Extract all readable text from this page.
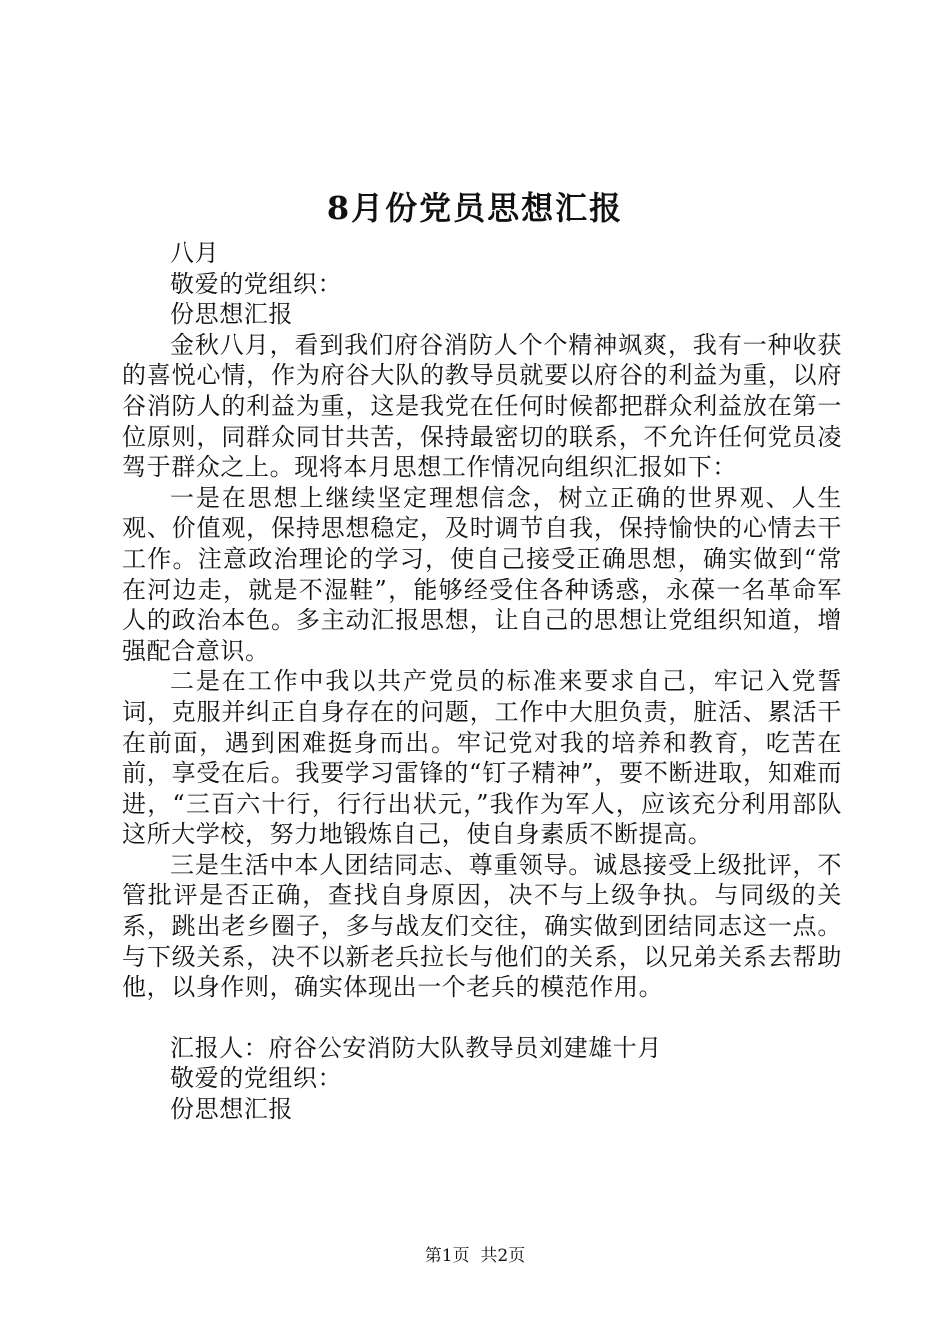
8月份党员思想汇报

八月

敬爱的党组织：

份思想汇报

金秋八月，看到我们府谷消防人个个精神飒爽，我有一种收获的喜悦心情，作为府谷大队的教导员就要以府谷的利益为重，以府谷消防人的利益为重，这是我党在任何时候都把群众利益放在第一位原则，同群众同甘共苦，保持最密切的联系，不允许任何党员凌驾于群众之上。现将本月思想工作情况向组织汇报如下：

一是在思想上继续坚定理想信念，树立正确的世界观、人生观、价值观，保持思想稳定，及时调节自我，保持愉快的心情去干工作。注意政治理论的学习，使自己接受正确思想，确实做到“常在河边走，就是不湿鞋”，能够经受住各种诱惑，永葆一名革命军人的政治本色。多主动汇报思想，让自己的思想让党组织知道，增强配合意识。

二是在工作中我以共产党员的标准来要求自己，牢记入党誓词，克服并纠正自身存在的问题，工作中大胆负责，脏活、累活干在前面，遇到困难挺身而出。牢记党对我的培养和教育，吃苦在前，享受在后。我要学习雷锋的“钉子精神”，要不断进取，知难而进，“三百六十行，行行出状元，”我作为军人，应该充分利用部队这所大学校，努力地锻炼自己，使自身素质不断提高。

三是生活中本人团结同志、尊重领导。诚恳接受上级批评，不管批评是否正确，查找自身原因，决不与上级争执。与同级的关系，跳出老乡圈子，多与战友们交往，确实做到团结同志这一点。与下级关系，决不以新老兵拉长与他们的关系，以兄弟关系去帮助他，以身作则，确实体现出一个老兵的模范作用。

汇报人：府谷公安消防大队教导员刘建雄十月

敬爱的党组织：

份思想汇报

第1页 共2页
